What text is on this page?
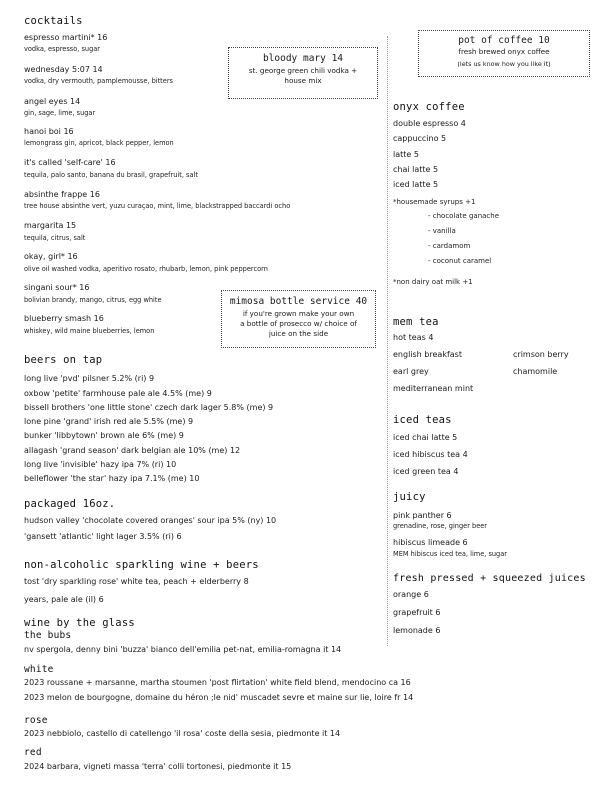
cocktails
espresso martini* 16
vodka, espresso, sugar
wednesday 5:07 14
vodka, dry vermouth, pamplemousse, bitters
angel eyes 14
gin, sage, lime, sugar
hanoi boi 16
lemongrass gin, apricot, black pepper, lemon
it's called 'self-care' 16
tequila, palo santo, banana du brasil, grapefruit, salt
absinthe frappe 16
tree house absinthe vert, yuzu curaçao, mint, lime, blackstrapped baccardi ocho
margarita 15
tequila, citrus, salt
okay, girl* 16
olive oil washed vodka, aperitivo rosato, rhubarb, lemon, pink peppercorn
singani sour* 16
bolivian brandy, mango, citrus, egg white
blueberry smash 16
whiskey, wild maine blueberries, lemon
bloody mary 14
st. george green chili vodka +
house mix
mimosa bottle service 40
if you're grown make your own
a bottle of prosecco w/ choice of
juice on the side
beers on tap
long live 'pvd' pilsner 5.2% (ri) 9
oxbow 'petite' farmhouse pale ale 4.5% (me) 9
bissell brothers 'one little stone' czech dark lager 5.8% (me) 9
lone pine 'grand' irish red ale 5.5% (me) 9
bunker 'libbytown' brown ale 6% (me) 9
allagash 'grand season' dark belgian ale 10% (me) 12
long live 'invisible' hazy ipa 7% (ri) 10
belleflower 'the star' hazy ipa 7.1% (me) 10
packaged 16oz.
hudson valley 'chocolate covered oranges' sour ipa 5% (ny) 10
'gansett 'atlantic' light lager 3.5% (ri) 6
non-alcoholic sparkling wine + beers
tost 'dry sparkling rose' white tea, peach + elderberry 8
years, pale ale (il) 6
wine by the glass
the bubs
nv spergola, denny bini 'buzza' bianco dell'emilia pet-nat, emilia-romagna it 14
white
2023 roussane + marsanne, martha stoumen 'post flirtation' white field blend, mendocino ca 16
2023 melon de bourgogne, domaine du héron ;le nid' muscadet sevre et maine sur lie, loire fr 14
rose
2023 nebbiolo, castello di catellengo 'il rosa' coste della sesia, piedmonte it 14
red
2024 barbara, vigneti massa 'terra' colli tortonesi, piedmonte it 15
pot of coffee 10
fresh brewed onyx coffee
(lets us know how you like it)
onyx coffee
double espresso 4
cappuccino 5
latte 5
chai latte 5
iced latte 5
*housemade syrups +1
- chocolate ganache
- vanilla
- cardamom
- coconut caramel
*non dairy oat milk +1
mem tea
hot teas 4
english breakfast	crimson berry
earl grey	chamomile
mediterranean mint
iced teas
iced chai latte 5
iced hibiscus tea 4
iced green tea 4
juicy
pink panther 6
grenadine, rose, ginger beer
hibiscus limeade 6
MEM hibiscus iced tea, lime, sugar
fresh pressed + squeezed juices
orange 6
grapefruit 6
lemonade 6
